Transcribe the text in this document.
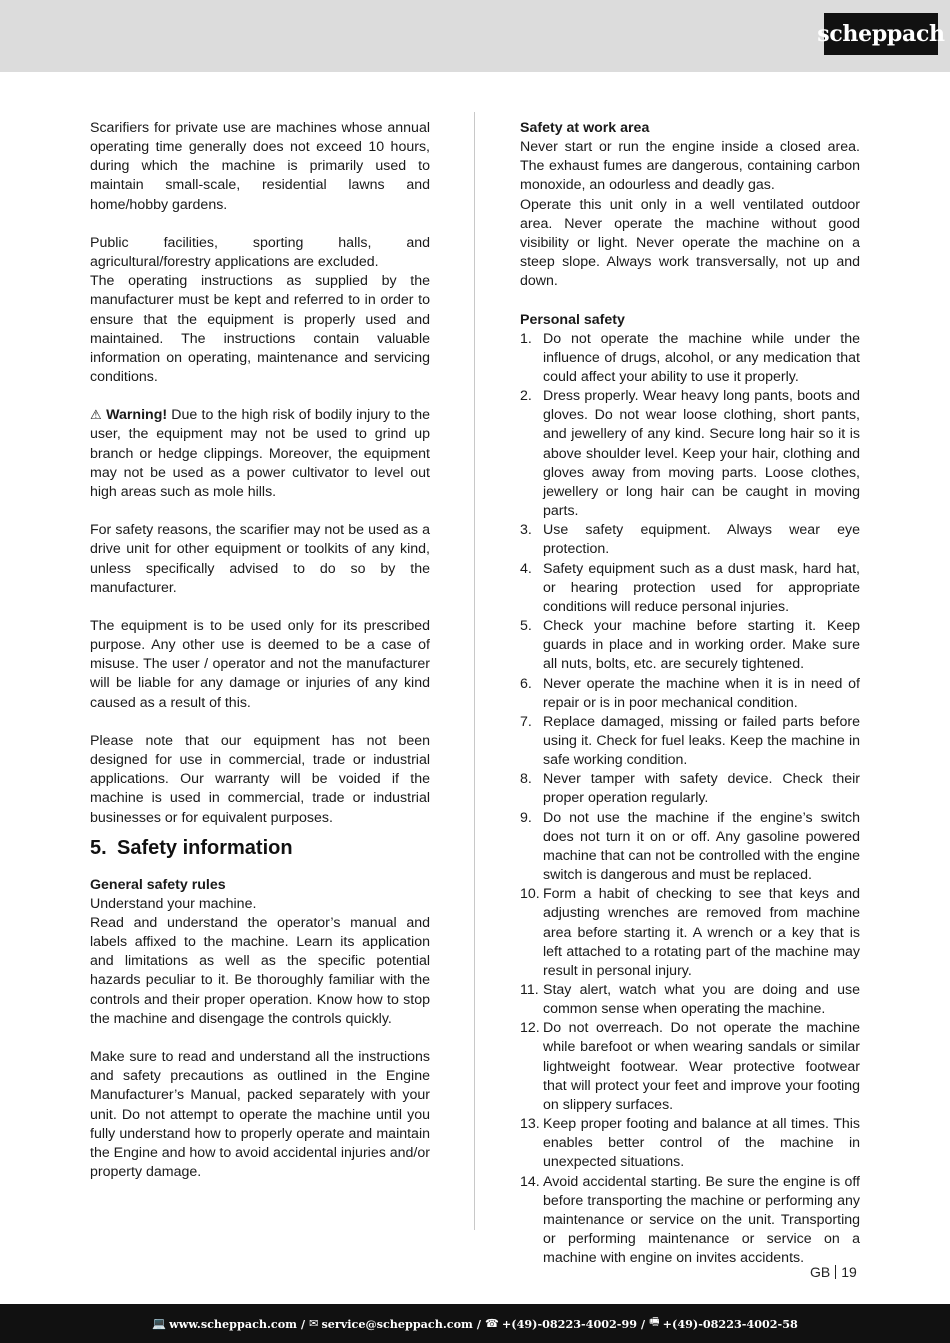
scheppach

Scarifiers for private use are machines whose annual operating time generally does not exceed 10 hours, during which the machine is primarily used to maintain small-scale, residential lawns and home/hobby gardens.

Public facilities, sporting halls, and agricultural/forestry applications are excluded.

The operating instructions as supplied by the manufacturer must be kept and referred to in order to ensure that the equipment is properly used and maintained. The instructions contain valuable information on operating, maintenance and servicing conditions.

⚠ Warning! Due to the high risk of bodily injury to the user, the equipment may not be used to grind up branch or hedge clippings. Moreover, the equipment may not be used as a power cultivator to level out high areas such as mole hills.

For safety reasons, the scarifier may not be used as a drive unit for other equipment or toolkits of any kind, unless specifically advised to do so by the manufacturer.

The equipment is to be used only for its prescribed purpose. Any other use is deemed to be a case of misuse. The user / operator and not the manufacturer will be liable for any damage or injuries of any kind caused as a result of this.

Please note that our equipment has not been designed for use in commercial, trade or industrial applications. Our warranty will be voided if the machine is used in commercial, trade or industrial businesses or for equivalent purposes.

5. Safety information

General safety rules

Understand your machine.

Read and understand the operator’s manual and labels affixed to the machine. Learn its application and limitations as well as the specific potential hazards peculiar to it. Be thoroughly familiar with the controls and their proper operation. Know how to stop the machine and disengage the controls quickly.

Make sure to read and understand all the instructions and safety precautions as outlined in the Engine Manufacturer’s Manual, packed separately with your unit. Do not attempt to operate the machine until you fully understand how to properly operate and maintain the Engine and how to avoid accidental injuries and/or property damage.

Safety at work area

Never start or run the engine inside a closed area. The exhaust fumes are dangerous, containing carbon monoxide, an odourless and deadly gas.

Operate this unit only in a well ventilated outdoor area. Never operate the machine without good visibility or light. Never operate the machine on a steep slope. Always work transversally, not up and down.

Personal safety

1. Do not operate the machine while under the influence of drugs, alcohol, or any medication that could affect your ability to use it properly.
2. Dress properly. Wear heavy long pants, boots and gloves. Do not wear loose clothing, short pants, and jewellery of any kind. Secure long hair so it is above shoulder level. Keep your hair, clothing and gloves away from moving parts. Loose clothes, jewellery or long hair can be caught in moving parts.
3. Use safety equipment. Always wear eye protection.
4. Safety equipment such as a dust mask, hard hat, or hearing protection used for appropriate conditions will reduce personal injuries.
5. Check your machine before starting it. Keep guards in place and in working order. Make sure all nuts, bolts, etc. are securely tightened.
6. Never operate the machine when it is in need of repair or is in poor mechanical condition.
7. Replace damaged, missing or failed parts before using it. Check for fuel leaks. Keep the machine in safe working condition.
8. Never tamper with safety device. Check their proper operation regularly.
9. Do not use the machine if the engine’s switch does not turn it on or off. Any gasoline powered machine that can not be controlled with the engine switch is dangerous and must be replaced.
10. Form a habit of checking to see that keys and adjusting wrenches are removed from machine area before starting it. A wrench or a key that is left attached to a rotating part of the machine may result in personal injury.
11. Stay alert, watch what you are doing and use common sense when operating the machine.
12. Do not overreach. Do not operate the machine while barefoot or when wearing sandals or similar lightweight footwear. Wear protective footwear that will protect your feet and improve your footing on slippery surfaces.
13. Keep proper footing and balance at all times. This enables better control of the machine in unexpected situations.
14. Avoid accidental starting. Be sure the engine is off before transporting the machine or performing any maintenance or service on the unit. Transporting or performing maintenance or service on a machine with engine on invites accidents.
GB 19
💻 www.scheppach.com / ✉ service@scheppach.com / ☎ +(49)-08223-4002-99 / 🖷 +(49)-08223-4002-58
